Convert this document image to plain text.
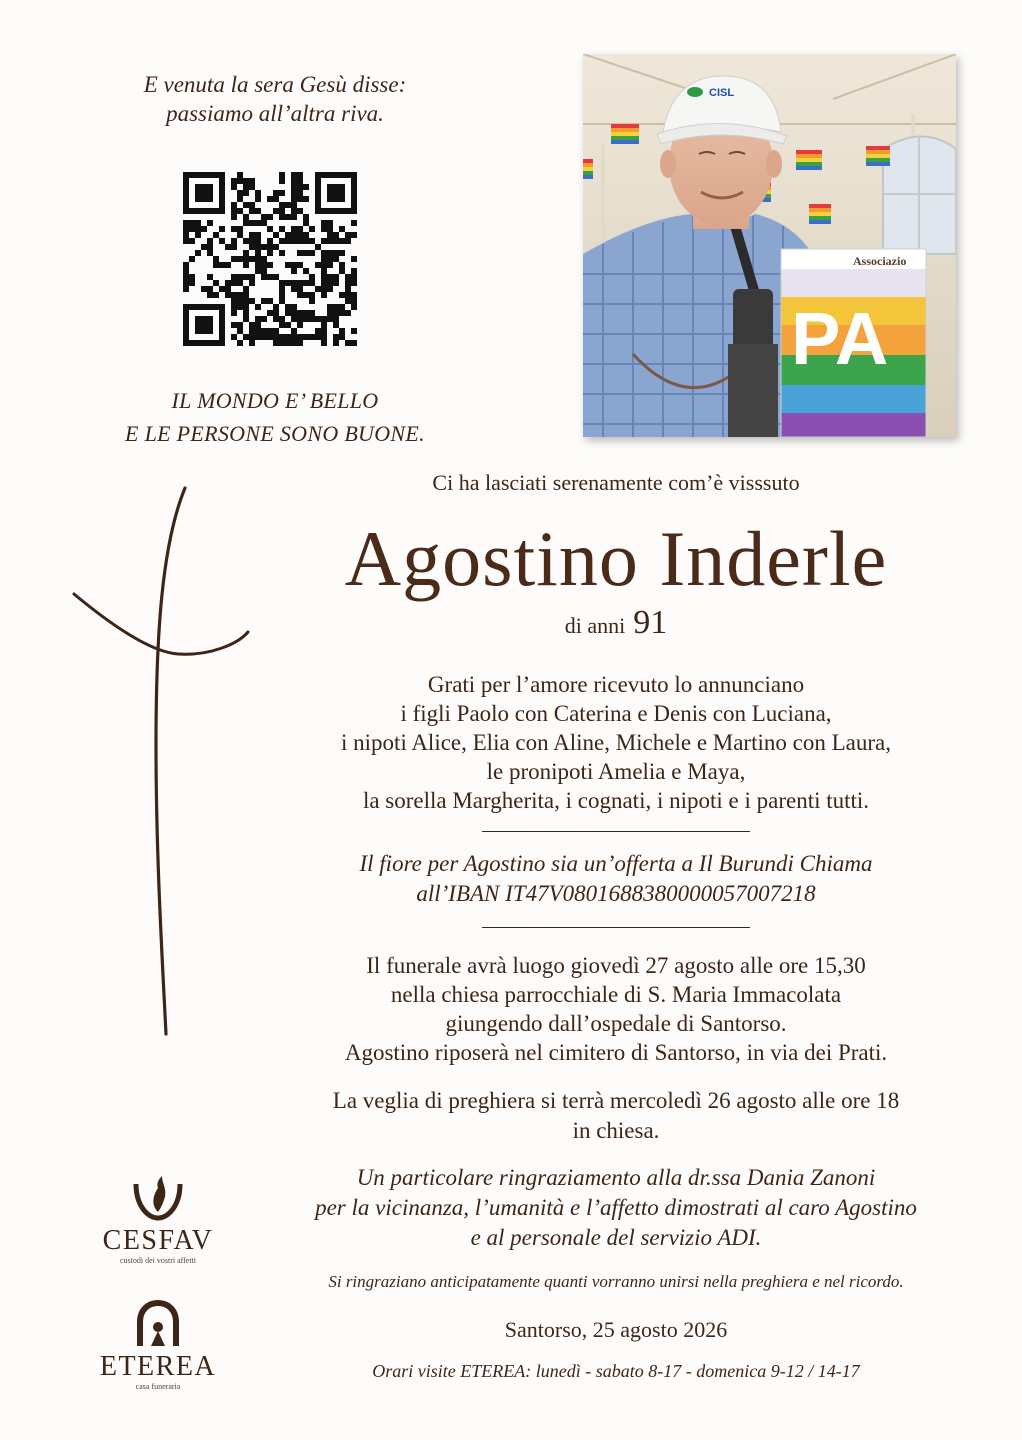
E venuta la sera Gesù disse:
passiamo all’altra riva.
IL MONDO E’ BELLO
E LE PERSONE SONO BUONE.
CISL
Associazio
PA
Ci ha lasciati serenamente com’è visssuto
Agostino Inderle
di anni 91
Grati per l’amore ricevuto lo annunciano
i figli Paolo con Caterina e Denis con Luciana,
i nipoti Alice, Elia con Aline, Michele e Martino con Laura,
le pronipoti Amelia e Maya,
la sorella Margherita, i cognati, i nipoti e i parenti tutti.
Il fiore per Agostino sia un’offerta a Il Burundi Chiama
all’IBAN IT47V0801688380000057007218
Il funerale avrà luogo giovedì 27 agosto alle ore 15,30
nella chiesa parrocchiale di S. Maria Immacolata
giungendo dall’ospedale di Santorso.
Agostino riposerà nel cimitero di Santorso, in via dei Prati.
La veglia di preghiera si terrà mercoledì 26 agosto alle ore 18
in chiesa.
Un particolare ringraziamento alla dr.ssa Dania Zanoni
per la vicinanza, l’umanità e l’affetto dimostrati al caro Agostino
e al personale del servizio ADI.
Si ringraziano anticipatamente quanti vorranno unirsi nella preghiera e nel ricordo.
Santorso, 25 agosto 2026
Orari visite ETEREA: lunedì - sabato 8-17 - domenica 9-12 / 14-17
CESFAV
custodi dei vostri affetti
ETEREA
casa funeraria
